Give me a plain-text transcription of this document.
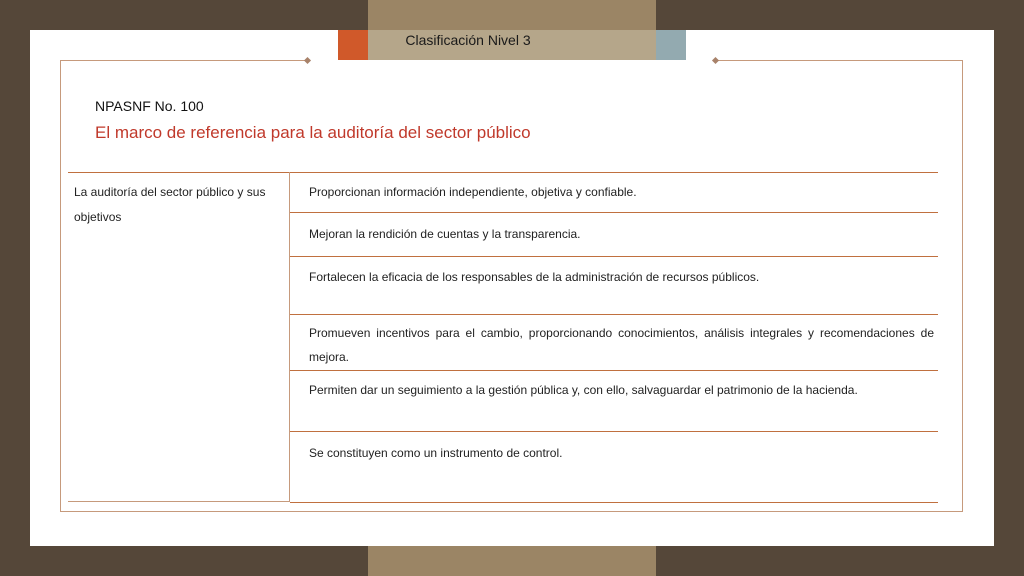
Clasificación Nivel 3
NPASNF No. 100
El marco de referencia para la auditoría del sector público
La auditoría del sector público y sus objetivos
Proporcionan información independiente, objetiva y confiable.
Mejoran la rendición de cuentas y la transparencia.
Fortalecen la eficacia de los responsables de la administración de recursos públicos.
Promueven incentivos para el cambio, proporcionando conocimientos, análisis integrales y recomendaciones de mejora.
Permiten dar un seguimiento a la gestión pública y, con ello, salvaguardar el patrimonio de la hacienda.
Se constituyen como un instrumento de control.
